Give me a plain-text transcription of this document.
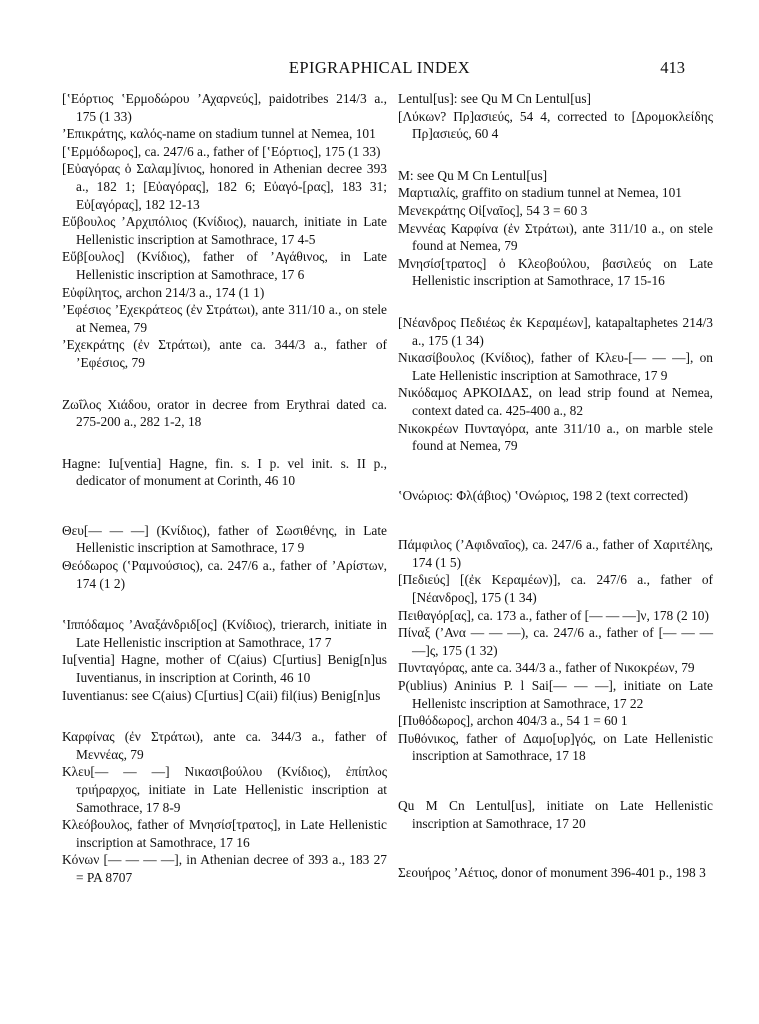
EPIGRAPHICAL INDEX	413

[ʽΕόρτιος ʽΕρμοδώρου ʼΑχαρνεύς], paidotribes 214/3 a., 175 (1 33)

ʼΕπικράτης, καλός-name on stadium tunnel at Nemea, 101

[ʽΕρμόδωρος], ca. 247/6 a., father of [ʽΕόρτιος], 175 (1 33)

[Εὐαγόρας ὁ Σαλαμ]ίνιος, honored in Athenian decree 393 a., 182 1; [Εὐαγόρας], 182 6; Εὐαγό-[ρας], 183 31; Εὐ[αγόρας], 182 12-13

Εὔβουλος ʼΑρχιπόλιος (Κνίδιος), nauarch, initiate in Late Hellenistic inscription at Samothrace, 17 4-5

Εὔβ[ουλος] (Κνίδιος), father of ʼΑγάθινος, in Late Hellenistic inscription at Samothrace, 17 6

Εὐφίλητος, archon 214/3 a., 174 (1 1)

ʼΕφέσιος ʼΕχεκράτεος (ἐν Στράτωι), ante 311/10 a., on stele at Nemea, 79

ʼΕχεκράτης (ἐν Στράτωι), ante ca. 344/3 a., father of ʼΕφέσιος, 79

Ζωΐλος Χιάδου, orator in decree from Erythrai dated ca. 275-200 a., 282 1-2, 18

Hagne: Iu[ventia] Hagne, fin. s. I p. vel init. s. II p., dedicator of monument at Corinth, 46 10

Θευ[— — —] (Κνίδιος), father of Σωσιθένης, in Late Hellenistic inscription at Samothrace, 17 9

Θεόδωρος (ʽΡαμνούσιος), ca. 247/6 a., father of ʼΑρίστων, 174 (1 2)

ʽΙππόδαμος ʼΑναξάνδριδ[ος] (Κνίδιος), trierarch, initiate in Late Hellenistic inscription at Samothrace, 17 7

Iu[ventia] Hagne, mother of C(aius) C[urtius] Benig[n]us Iuventianus, in inscription at Corinth, 46 10

Iuventianus: see C(aius) C[urtius] C(aii) fil(ius) Benig[n]us

Καρφίνας (ἐν Στράτωι), ante ca. 344/3 a., father of Μεννέας, 79

Κλευ[— — —] Νικασιβούλου (Κνίδιος), ἐπίπλος τριήραρχος, initiate in Late Hellenistic inscription at Samothrace, 17 8-9

Κλεόβουλος, father of Μνησίσ[τρατος], in Late Hellenistic inscription at Samothrace, 17 16

Κόνων [— — — —], in Athenian decree of 393 a., 183 27 = PA 8707

Lentul[us]: see Qu M Cn Lentul[us]

[Λύκων? Πρ]ασιεύς, 54 4, corrected to [Δρομοκλείδης Πρ]ασιεύς, 60 4

M: see Qu M Cn Lentul[us]

Μαρτιαλίς, graffito on stadium tunnel at Nemea, 101

Μενεκράτης Οἰ[ναῖος], 54 3 = 60 3

Μεννέας Καρφίνα (ἐν Στράτωι), ante 311/10 a., on stele found at Nemea, 79

Μνησίσ[τρατος] ὁ Κλεοβούλου, βασιλεύς on Late Hellenistic inscription at Samothrace, 17 15-16

[Νέανδρος Πεδιέως ἐκ Κεραμέων], katapaltaphetes 214/3 a., 175 (1 34)

Νικασίβουλος (Κνίδιος), father of Κλευ-[— — —], on Late Hellenistic inscription at Samothrace, 17 9

Νικόδαμος ΑΡΚΟΙΔΑΣ, on lead strip found at Nemea, context dated ca. 425-400 a., 82

Νικοκρέων Πυνταγόρα, ante 311/10 a., on marble stele found at Nemea, 79

ʽΟνώριος: Φλ(άβιος) ʽΟνώριος, 198 2 (text corrected)

Πάμφιλος (ʼΑφιδναῖος), ca. 247/6 a., father of Χαριτέλης, 174 (1 5)

[Πεδιεύς] [(ἐκ Κεραμέων)], ca. 247/6 a., father of [Νέανδρος], 175 (1 34)

Πειθαγόρ[ας], ca. 173 a., father of [— — —]ν, 178 (2 10)

Πίναξ (ʼΑνα — — —), ca. 247/6 a., father of [— — — —]ς, 175 (1 32)

Πυνταγόρας, ante ca. 344/3 a., father of Νικοκρέων, 79

P(ublius) Aninius P. l Sai[— — —], initiate on Late Hellenistc inscription at Samothrace, 17 22

[Πυθόδωρος], archon 404/3 a., 54 1 = 60 1

Πυθόνικος, father of Δαμο[υρ]γός, on Late Hellenistic inscription at Samothrace, 17 18

Qu M Cn Lentul[us], initiate on Late Hellenistic inscription at Samothrace, 17 20

Σεουήρος ʼΑέτιος, donor of monument 396-401 p., 198 3
